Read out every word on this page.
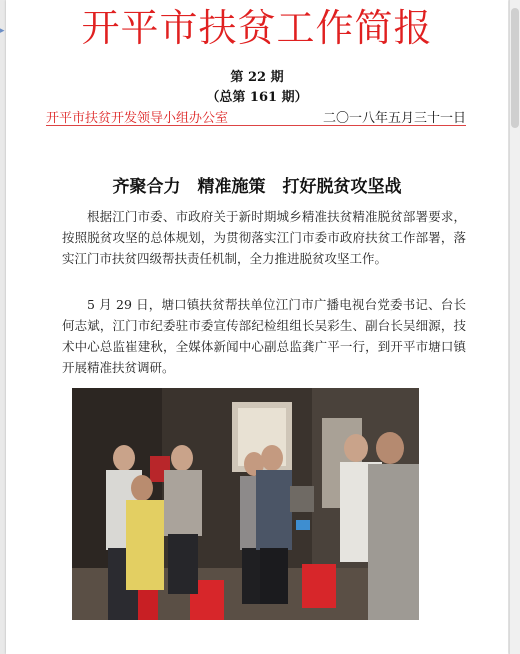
▸	开平市扶贫工作简报
第 22 期
（总第 161 期）
开平市扶贫开发领导小组办公室	二〇一八年五月三十一日
齐聚合力　精准施策　打好脱贫攻坚战

根据江门市委、市政府关于新时期城乡精准扶贫精准脱贫部署要求，按照脱贫攻坚的总体规划，为贯彻落实江门市委市政府扶贫工作部署，落实江门市扶贫四级帮扶责任机制，全力推进脱贫攻坚工作。

5 月 29 日，塘口镇扶贫帮扶单位江门市广播电视台党委书记、台长何志斌，江门市纪委驻市委宣传部纪检组组长吴彩生、副台长吴细源，技术中心总监崔建秋，全媒体新闻中心副总监龚广平一行，到开平市塘口镇开展精准扶贫调研。
